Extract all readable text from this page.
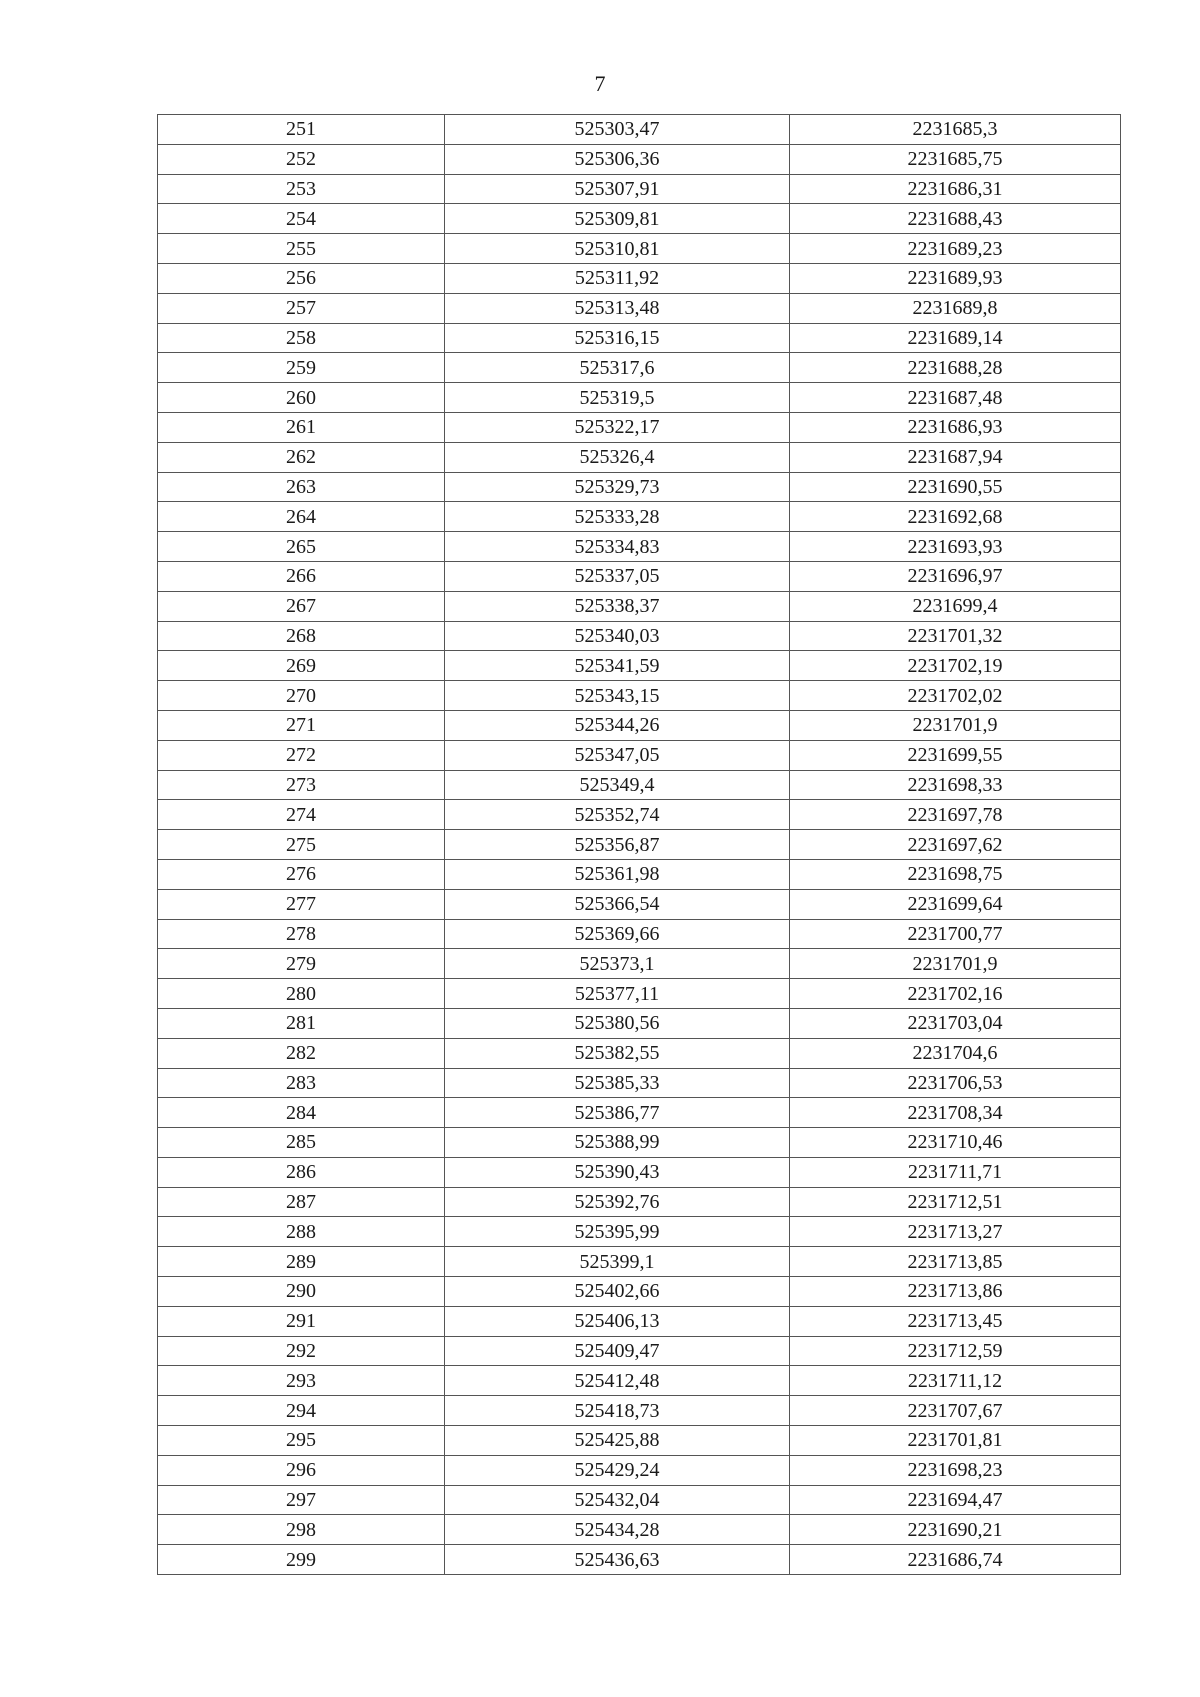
7
251	525303,47	2231685,3
252	525306,36	2231685,75
253	525307,91	2231686,31
254	525309,81	2231688,43
255	525310,81	2231689,23
256	525311,92	2231689,93
257	525313,48	2231689,8
258	525316,15	2231689,14
259	525317,6	2231688,28
260	525319,5	2231687,48
261	525322,17	2231686,93
262	525326,4	2231687,94
263	525329,73	2231690,55
264	525333,28	2231692,68
265	525334,83	2231693,93
266	525337,05	2231696,97
267	525338,37	2231699,4
268	525340,03	2231701,32
269	525341,59	2231702,19
270	525343,15	2231702,02
271	525344,26	2231701,9
272	525347,05	2231699,55
273	525349,4	2231698,33
274	525352,74	2231697,78
275	525356,87	2231697,62
276	525361,98	2231698,75
277	525366,54	2231699,64
278	525369,66	2231700,77
279	525373,1	2231701,9
280	525377,11	2231702,16
281	525380,56	2231703,04
282	525382,55	2231704,6
283	525385,33	2231706,53
284	525386,77	2231708,34
285	525388,99	2231710,46
286	525390,43	2231711,71
287	525392,76	2231712,51
288	525395,99	2231713,27
289	525399,1	2231713,85
290	525402,66	2231713,86
291	525406,13	2231713,45
292	525409,47	2231712,59
293	525412,48	2231711,12
294	525418,73	2231707,67
295	525425,88	2231701,81
296	525429,24	2231698,23
297	525432,04	2231694,47
298	525434,28	2231690,21
299	525436,63	2231686,74
